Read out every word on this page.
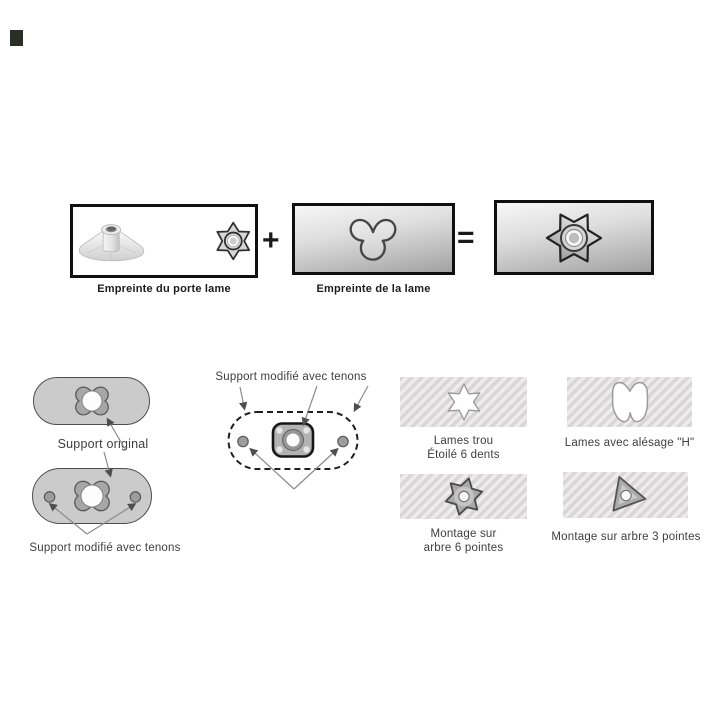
Empreinte du porte lame
+
Empreinte de la lame
=
Support original
Support modifié avec tenons
Support modifié avec tenons
Lames trou
Étoilé 6 dents
Lames avec alésage "H"
Montage sur
arbre 6 pointes
Montage sur arbre 3 pointes
